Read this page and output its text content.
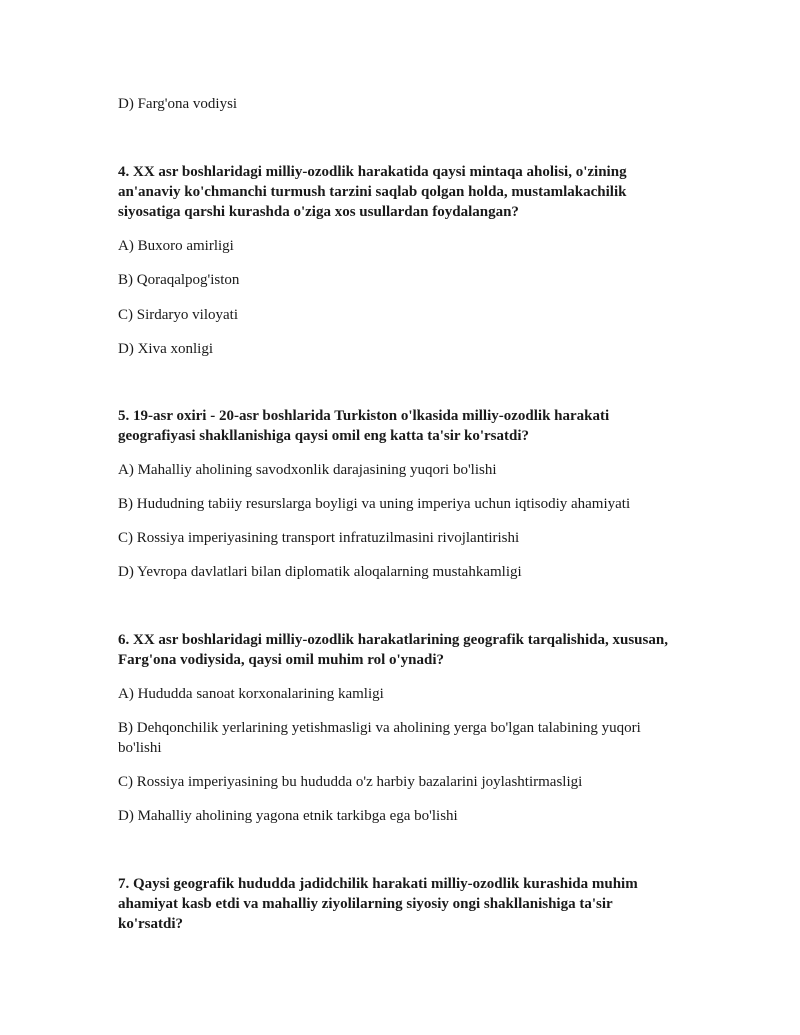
D) Farg'ona vodiysi
4. XX asr boshlaridagi milliy-ozodlik harakatida qaysi mintaqa aholisi, o'zining an'anaviy ko'chmanchi turmush tarzini saqlab qolgan holda, mustamlakachilik siyosatiga qarshi kurashda o'ziga xos usullardan foydalangan?
A) Buxoro amirligi
B) Qoraqalpog'iston
C) Sirdaryo viloyati
D) Xiva xonligi
5. 19-asr oxiri - 20-asr boshlarida Turkiston o'lkasida milliy-ozodlik harakati geografiyasi shakllanishiga qaysi omil eng katta ta'sir ko'rsatdi?
A) Mahalliy aholining savodxonlik darajasining yuqori bo'lishi
B) Hududning tabiiy resurslarga boyligi va uning imperiya uchun iqtisodiy ahamiyati
C) Rossiya imperiyasining transport infratuzilmasini rivojlantirishi
D) Yevropa davlatlari bilan diplomatik aloqalarning mustahkamligi
6. XX asr boshlaridagi milliy-ozodlik harakatlarining geografik tarqalishida, xususan, Farg'ona vodiysida, qaysi omil muhim rol o'ynadi?
A) Hududda sanoat korxonalarining kamligi
B) Dehqonchilik yerlarining yetishmasligi va aholining yerga bo'lgan talabining yuqori bo'lishi
C) Rossiya imperiyasining bu hududda o'z harbiy bazalarini joylashtirmasligi
D) Mahalliy aholining yagona etnik tarkibga ega bo'lishi
7. Qaysi geografik hududda jadidchilik harakati milliy-ozodlik kurashida muhim ahamiyat kasb etdi va mahalliy ziyolilarning siyosiy ongi shakllanishiga ta'sir ko'rsatdi?
